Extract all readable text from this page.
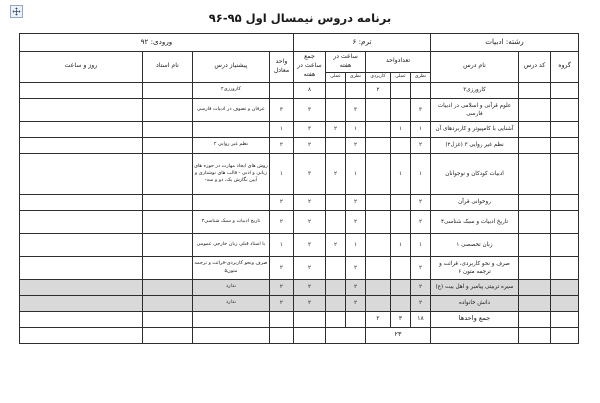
برنامه دروس نیمسال اول ۹۵-۹۶
رشته: ادبیات			ترم: ۶						ورودی: ۹۲			
گروه	کد درس	نام درس	تعدادواحد			ساعت در هفته		جمع ساعت در هفته	واحد معادل	پیشنیاز درس	نام استاد	روز و ساعت
			نظری	عملی	کاربردی	نظری	عملی					
		کارورزی۳			۲			۸		کارورزی۲		
		علوم قرآنی و اسلامی در ادبیات فارسی	۳			۳		۳	۳	عرفان و تصوف در ادبیات فارسی		
		آشنایی با کامپیوتر و کاربردهای آن	۱	۱		۱	۲	۳	۱			
		نظم غیر روایی ۳ (غزل۲)	۲			۲		۲	۲	نظم غیر روایی ۲		
		ادبیات کودکان و نوجوانان	۱	۱		۱	۲	۳	۱	روش های ایجاد مهارت در حوزه های زبانی و ادبی - قالب های نوشتاری و آیین نگارش یک، دو و سه-		
		روخوانی قرآن	۲			۲		۲	۲			
		تاریخ ادبیات و سبک شناسی۴	۲			۲		۲	۲	تاریخ ادبیات و سبک شناسی۳		
		زبان تخصصی ۱	۱	۱		۱	۲	۳	۱	با استاد قبلی زبان خارجی عمومی		
		صرف و نحو کاربردی، قرائت و ترجمه متون ۶	۲			۲		۲	۲	صرف ونحو کاربردی-قرائت و ترجمه متون۵		
		سیره تربیتی پیامبر و اهل بیت (ع)	۲			۲		۲	۲	ندارد		
		دانش خانواده	۲			۲		۲	۲	ندارد		
		جمع واحدها	۱۸	۳	۲							
			۲۳									
